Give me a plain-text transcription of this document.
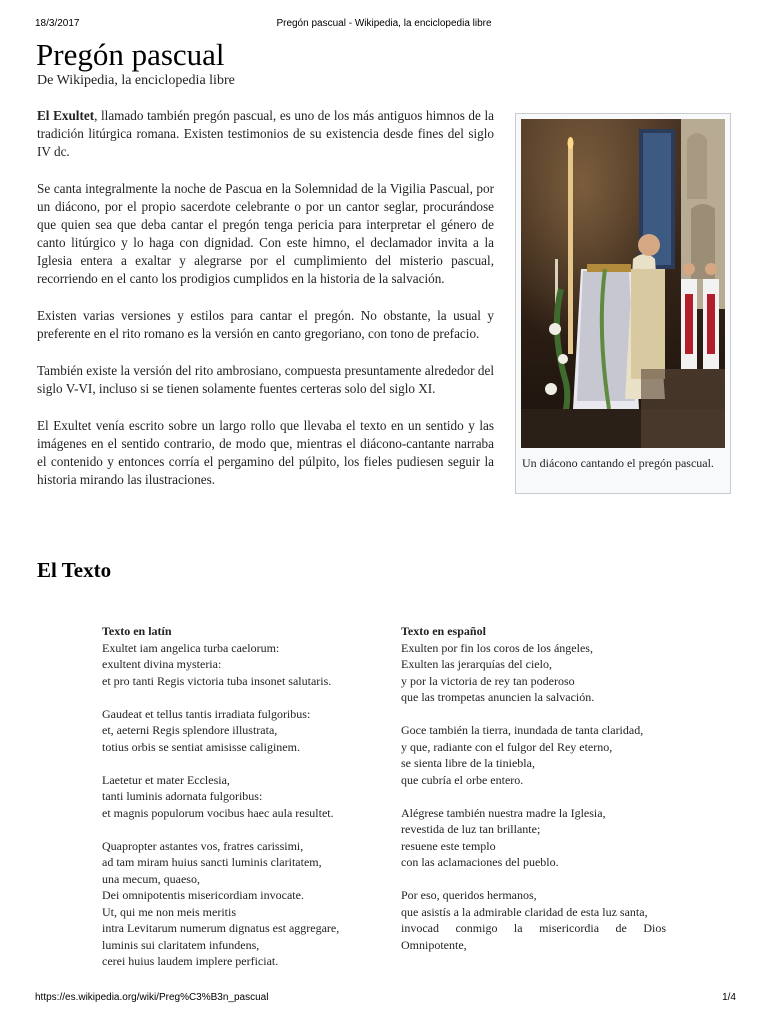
18/3/2017	Pregón pascual - Wikipedia, la enciclopedia libre
Pregón pascual
De Wikipedia, la enciclopedia libre

El Exultet, llamado también pregón pascual, es uno de los más antiguos himnos de la tradición litúrgica romana. Existen testimonios de su existencia desde fines del siglo IV dc.

Se canta integralmente la noche de Pascua en la Solemnidad de la Vigilia Pascual, por un diácono, por el propio sacerdote celebrante o por un cantor seglar, procurándose que quien sea que deba cantar el pregón tenga pericia para interpretar el género de canto litúrgico y lo haga con dignidad. Con este himno, el declamador invita a la Iglesia entera a exaltar y alegrarse por el cumplimiento del misterio pascual, recorriendo en el canto los prodigios cumplidos en la historia de la salvación.

Existen varias versiones y estilos para cantar el pregón. No obstante, la usual y preferente en el rito romano es la versión en canto gregoriano, con tono de prefacio.

También existe la versión del rito ambrosiano, compuesta presuntamente alrededor del siglo V-VI, incluso si se tienen solamente fuentes certeras solo del siglo XI.

El Exultet venía escrito sobre un largo rollo que llevaba el texto en un sentido y las imágenes en el sentido contrario, de modo que, mientras el diácono-cantante narraba el contenido y entonces corría el pergamino del púlpito, los fieles pudiesen seguir la historia mirando las ilustraciones.

Un diácono cantando el pregón pascual.
El Texto
Texto en latín
Exultet iam angelica turba caelorum:
exultent divina mysteria:
et pro tanti Regis victoria tuba insonet salutaris.
Gaudeat et tellus tantis irradiata fulgoribus:
et, aeterni Regis splendore illustrata,
totius orbis se sentiat amisisse caliginem.
Laetetur et mater Ecclesia,
tanti luminis adornata fulgoribus:
et magnis populorum vocibus haec aula resultet.
Quapropter astantes vos, fratres carissimi,
ad tam miram huius sancti luminis claritatem,
una mecum, quaeso,
Dei omnipotentis misericordiam invocate.
Ut, qui me non meis meritis
intra Levitarum numerum dignatus est aggregare,
luminis sui claritatem infundens,
cerei huius laudem implere perficiat.
Texto en español
Exulten por fin los coros de los ángeles,
Exulten las jerarquías del cielo,
y por la victoria de rey tan poderoso
que las trompetas anuncien la salvación.
Goce también la tierra, inundada de tanta claridad,
y que, radiante con el fulgor del Rey eterno,
se sienta libre de la tiniebla,
que cubría el orbe entero.
Alégrese también nuestra madre la Iglesia,
revestida de luz tan brillante;
resuene este templo
con las aclamaciones del pueblo.
Por eso, queridos hermanos,
que asistís a la admirable claridad de esta luz santa,
invocad conmigo la misericordia de Dios Omnipotente,
https://es.wikipedia.org/wiki/Preg%C3%B3n_pascual	1/4
